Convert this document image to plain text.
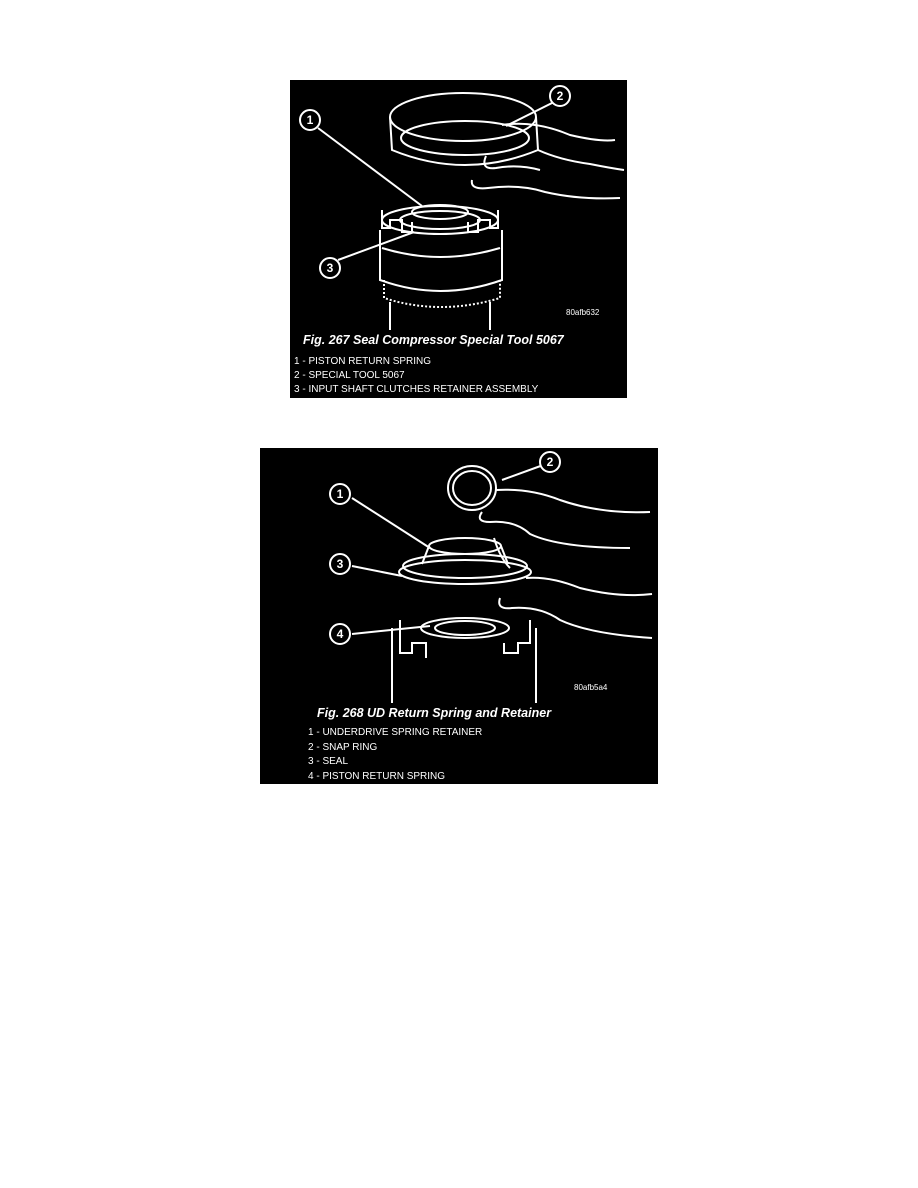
1
2
3
80afb632
Fig. 267 Seal Compressor Special Tool 5067
1 - PISTON RETURN SPRING
2 - SPECIAL TOOL 5067
3 - INPUT SHAFT CLUTCHES RETAINER ASSEMBLY
1
2
3
4
80afb5a4
Fig. 268 UD Return Spring and Retainer
1 - UNDERDRIVE SPRING RETAINER
2 - SNAP RING
3 - SEAL
4 - PISTON RETURN SPRING
